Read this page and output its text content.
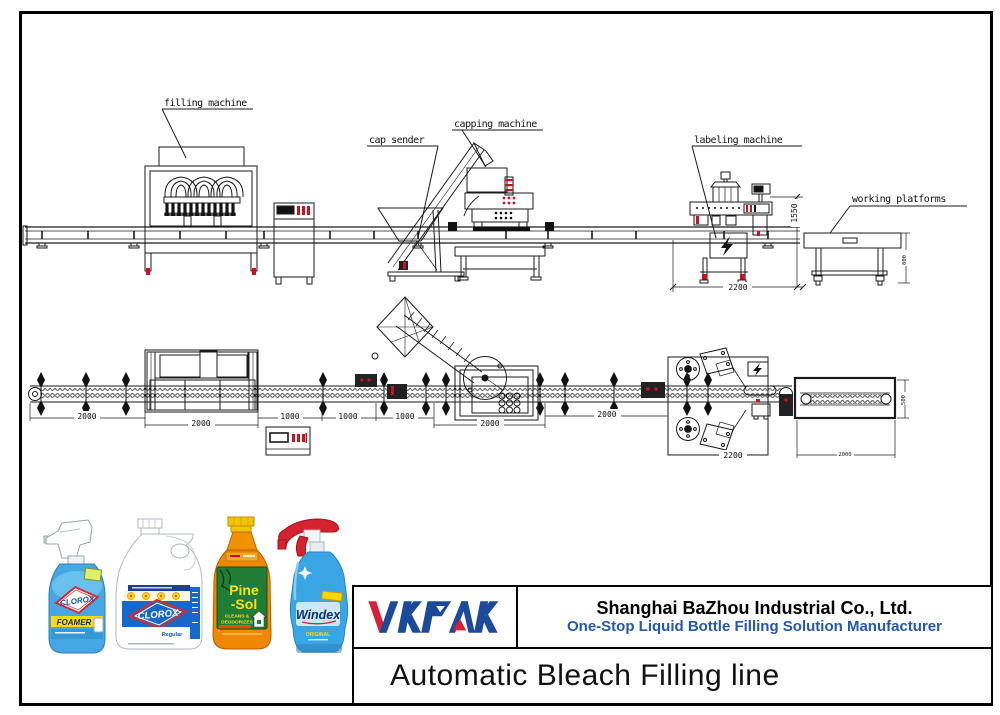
filling machine
cap sender
capping machine
labeling machine
1550
2200
working platforms
800
2000
2000
1000	1000	1000
2000
2000
2200	2000
500
CLOROX
FOAMER
CLOROX
Regular
Pine
-Sol
CLEANS &
DEODORIZES
Windex
ORIGINAL
Shanghai BaZhou Industrial Co., Ltd.
One-Stop Liquid Bottle Filling Solution Manufacturer
Automatic Bleach Filling line
